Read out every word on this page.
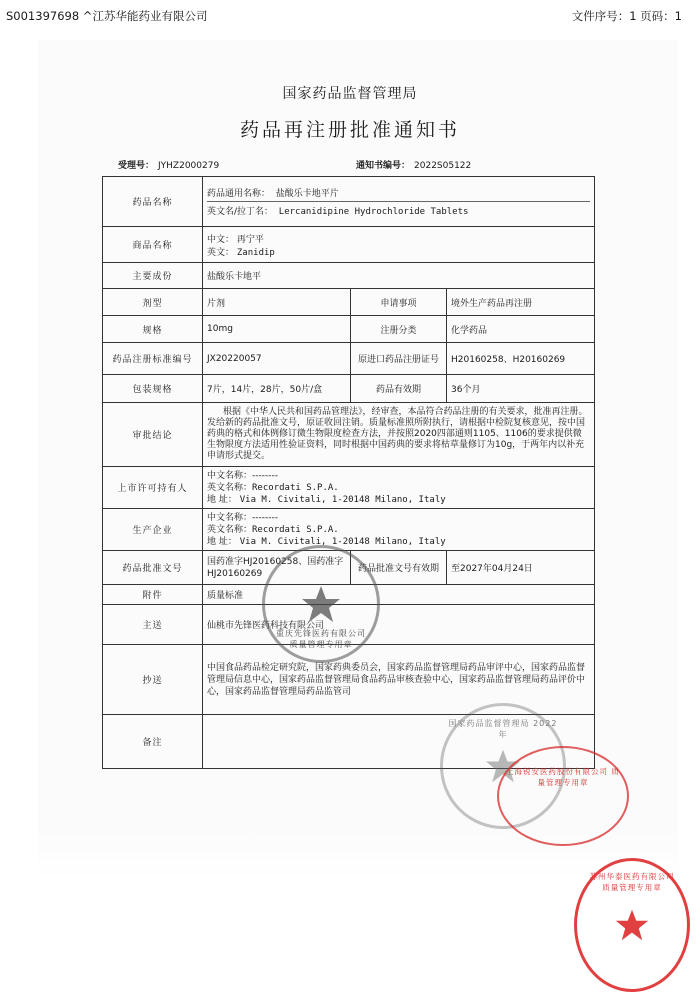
S001397698 ^江苏华能药业有限公司	文件序号：1 页码：1
国家药品监督管理局
药品再注册批准通知书
受理号： JYHZ2000279	通知书编号： 2022S05122
药品名称	药品通用名称： 盐酸乐卡地平片
英文名/拉丁名： Lercanidipine Hydrochloride Tablets		

商品名称	中文： 再宁平
英文： Zanidip		

主要成份	盐酸乐卡地平		
剂型	片剂	申请事项	境外生产药品再注册
规格	10mg	注册分类	化学药品
药品注册标准编号	JX20220057	原进口药品注册证号	H20160258、H20160269
包装规格	7片，14片，28片，50片/盒	药品有效期	36个月
审批结论	根据《中华人民共和国药品管理法》，经审查，本品符合药品注册的有关要求，批准再注册。发给新的药品批准文号，原证收回注销。质量标准照所附执行，请根据中检院复核意见，按中国药典的格式和体例修订微生物限度检查方法，并按照2020四部通则1105、1106的要求提供微生物限度方法适用性验证资料，同时根据中国药典的要求将枯草量修订为10g，于两年内以补充申请形式提交。		
上市许可持有人	中文名称：--------
英文名称：Recordati S.P.A.
地 址： Via M. Civitali, 1-20148 Milano, Italy		

生产企业	中文名称：--------
英文名称：Recordati S.P.A.
地 址： Via M. Civitali, 1-20148 Milano, Italy		

药品批准文号	国药准字HJ20160258、国药准字HJ20160269	药品批准文号有效期	至2027年04月24日
附件	质量标准		
主送	仙桃市先锋医药科技有限公司		
抄送	中国食品药品检定研究院，国家药典委员会，国家药品监督管理局药品审评中心，国家药品监督管理局信息中心，国家药品监督管理局食品药品审核查验中心，国家药品监督管理局药品评价中心，国家药品监督管理局药品监管司		
备注			
重庆先锋医药有限公司 质量管理专用章
国家药品监督管理局 2022年
上海锐安医药股份有限公司 质量管理专用章
苏州华泰医药有限公司 质量管理专用章
